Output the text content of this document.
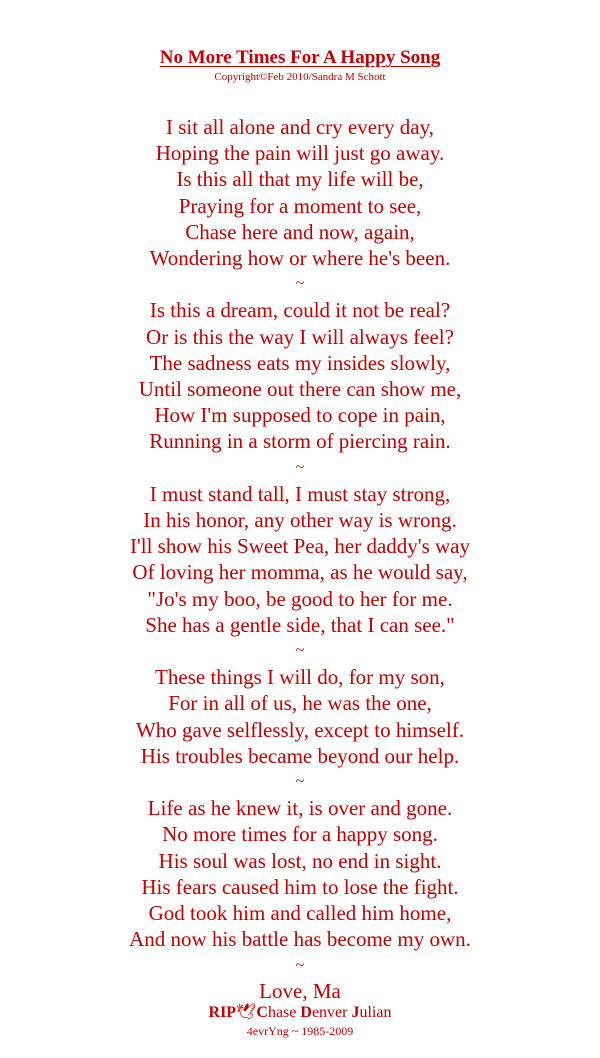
No More Times For A Happy Song
Copyright©Feb 2010/Sandra M Schott
I sit all alone and cry every day,
Hoping the pain will just go away.
Is this all that my life will be,
Praying for a moment to see,
Chase here and now, again,
Wondering how or where he's been.
~
Is this a dream, could it not be real?
Or is this the way I will always feel?
The sadness eats my insides slowly,
Until someone out there can show me,
How I'm supposed to cope in pain,
Running in a storm of piercing rain.
~
I must stand tall, I must stay strong,
In his honor, any other way is wrong.
I'll show his Sweet Pea, her daddy's way
Of loving her momma, as he would say,
"Jo's my boo, be good to her for me.
She has a gentle side, that I can see."
~
These things I will do, for my son,
For in all of us, he was the one,
Who gave selflessly, except to himself.
His troubles became beyond our help.
~
Life as he knew it, is over and gone.
No more times for a happy song.
His soul was lost, no end in sight.
His fears caused him to lose the fight.
God took him and called him home,
And now his battle has become my own.
~
Love, Ma
RIP🕊Chase Denver Julian
4evrYng ~ 1985-2009
